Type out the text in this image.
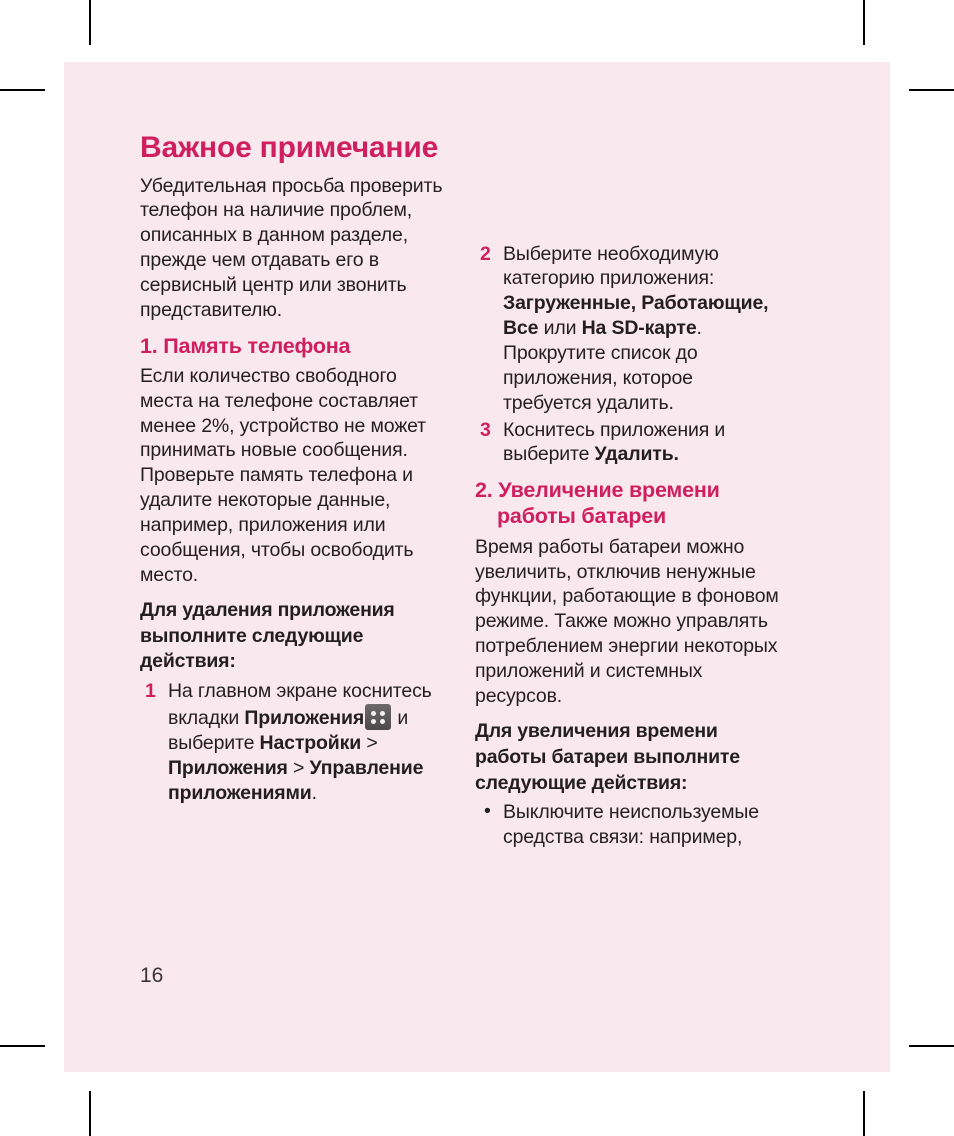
Важное примечание

Убедительная просьба проверить телефон на наличие проблем, описанных в данном разделе, прежде чем отдавать его в сервисный центр или звонить представителю.

1. Память телефона

Если количество свободного места на телефоне составляет менее 2%, устройство не может принимать новые сообщения. Проверьте память телефона и удалите некоторые данные, например, приложения или сообщения, чтобы освободить место.

Для удаления приложения выполните следующие действия:

1 На главном экране коснитесь вкладки Приложения
и выберите Настройки > Приложения > Управление приложениями.
16
2 Выберите необходимую категорию приложения: Загруженные, Работающие, Все или На SD-карте. Прокрутите список до приложения, которое требуется удалить.
3 Коснитесь приложения и выберите Удалить.
2. Увеличение времени работы батареи

Время работы батареи можно увеличить, отключив ненужные функции, работающие в фоновом режиме. Также можно управлять потреблением энергии некоторых приложений и системных ресурсов.

Для увеличения времени работы батареи выполните следующие действия:

• Выключите неиспользуемые средства связи: например,
